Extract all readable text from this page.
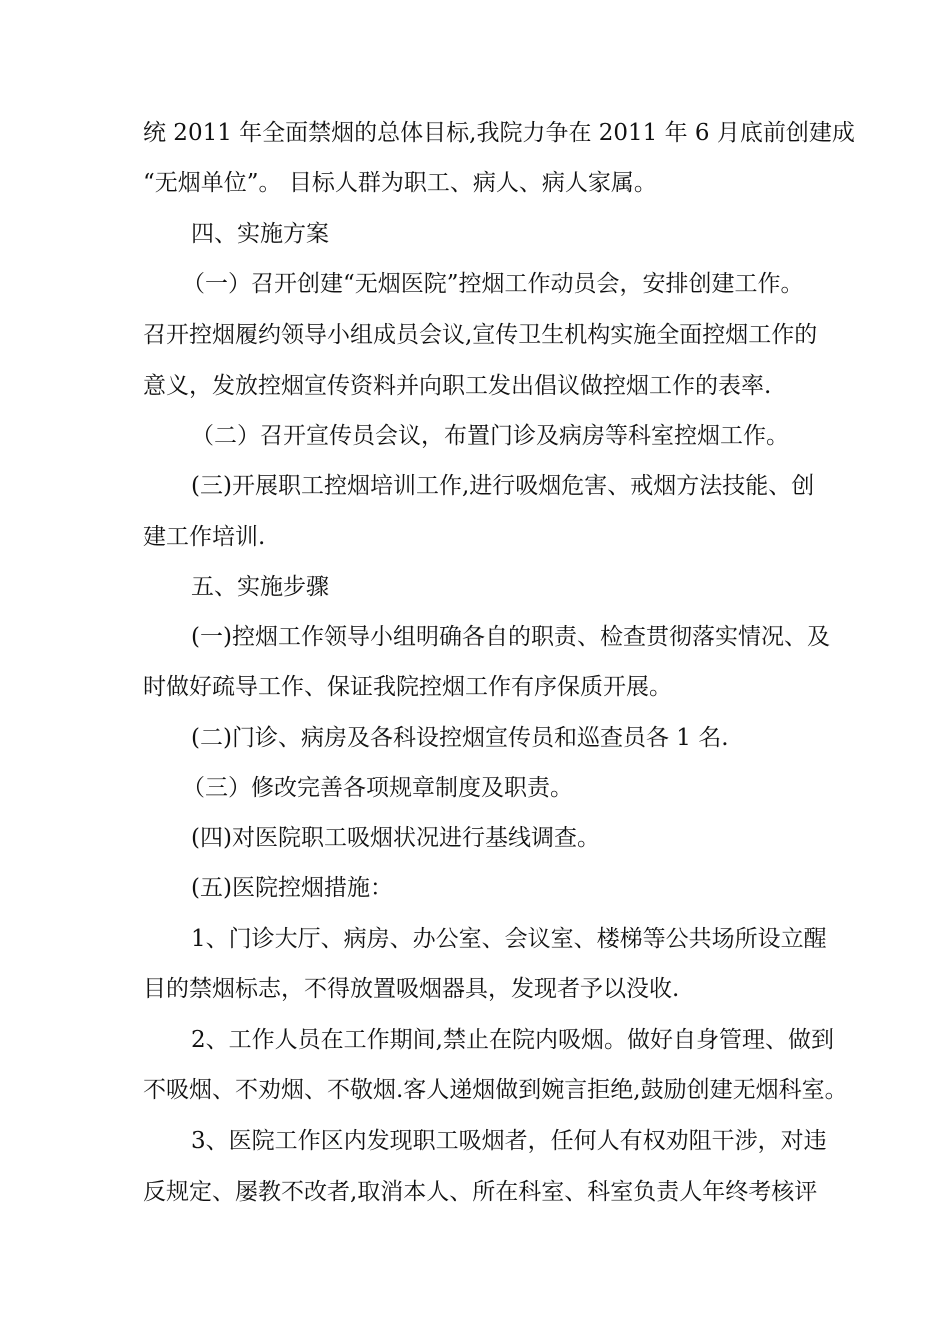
统 2011 年全面禁烟的总体目标,我院力争在 2011 年 6 月底前创建成
“无烟单位”。 目标人群为职工、病人、病人家属。
四、实施方案
（一）召开创建“无烟医院”控烟工作动员会，安排创建工作。
召开控烟履约领导小组成员会议,宣传卫生机构实施全面控烟工作的
意义，发放控烟宣传资料并向职工发出倡议做控烟工作的表率.
（二）召开宣传员会议，布置门诊及病房等科室控烟工作。
(三)开展职工控烟培训工作,进行吸烟危害、戒烟方法技能、创
建工作培训.
五、实施步骤
(一)控烟工作领导小组明确各自的职责、检查贯彻落实情况、及
时做好疏导工作、保证我院控烟工作有序保质开展。
(二)门诊、病房及各科设控烟宣传员和巡查员各 1 名.
（三）修改完善各项规章制度及职责。
(四)对医院职工吸烟状况进行基线调查。
(五)医院控烟措施：
1、门诊大厅、病房、办公室、会议室、楼梯等公共场所设立醒
目的禁烟标志，不得放置吸烟器具，发现者予以没收.
2、工作人员在工作期间,禁止在院内吸烟。做好自身管理、做到
不吸烟、不劝烟、不敬烟.客人递烟做到婉言拒绝,鼓励创建无烟科室。
3、医院工作区内发现职工吸烟者，任何人有权劝阻干涉，对违
反规定、屡教不改者,取消本人、所在科室、科室负责人年终考核评
